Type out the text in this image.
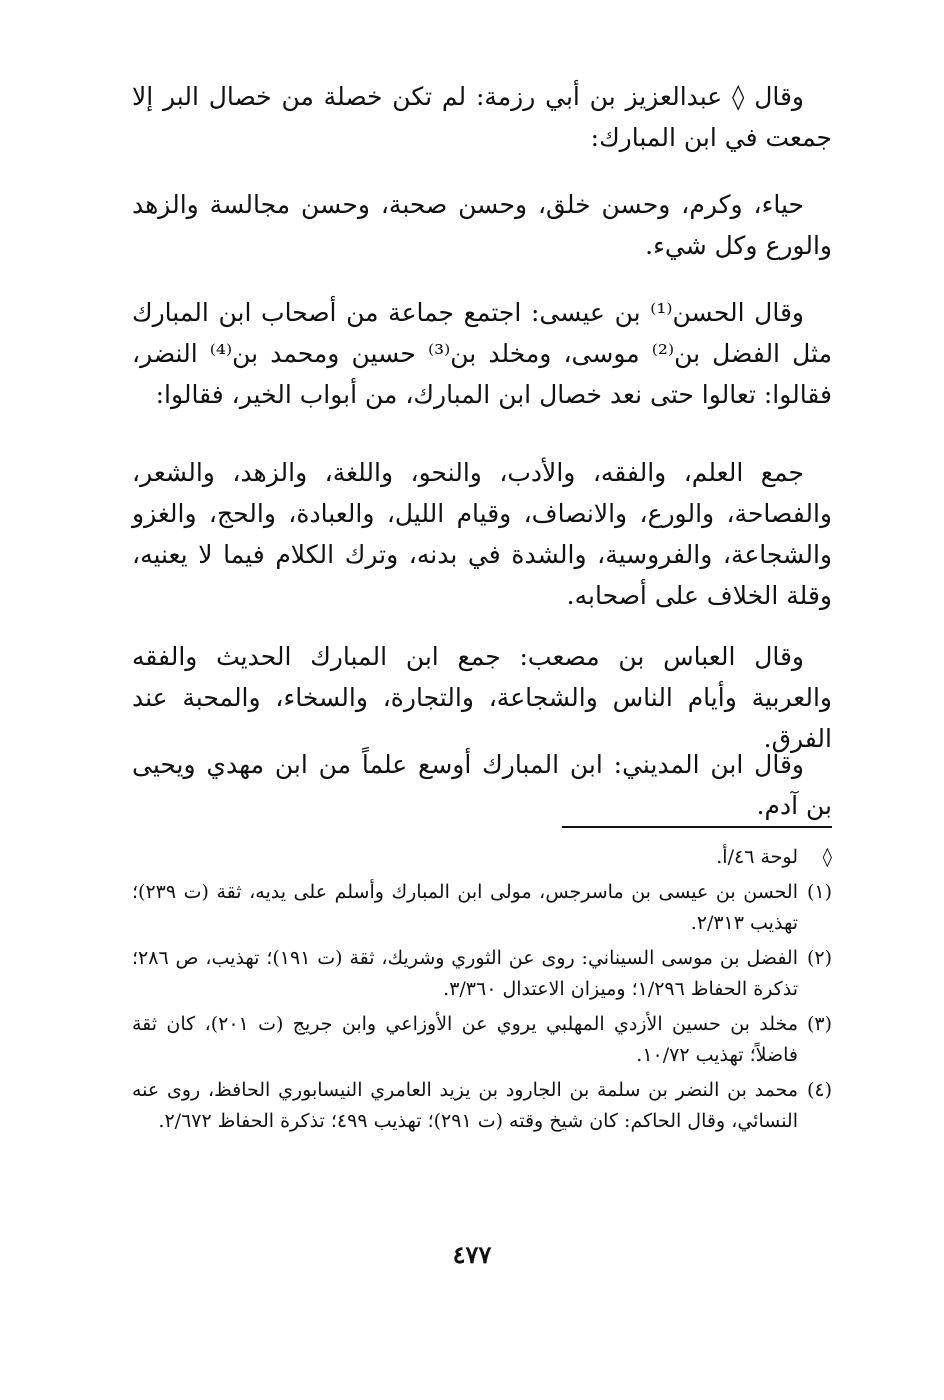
وقال ◊ عبدالعزيز بن أبي رزمة: لم تكن خصلة من خصال البر إلا جمعت في ابن المبارك:

حياء، وكرم، وحسن خلق، وحسن صحبة، وحسن مجالسة والزهد والورع وكل شيء.

وقال الحسن⁽¹⁾ بن عيسى: اجتمع جماعة من أصحاب ابن المبارك مثل الفضل بن⁽²⁾ موسى، ومخلد بن⁽³⁾ حسين ومحمد بن⁽⁴⁾ النضر، فقالوا: تعالوا حتى نعد خصال ابن المبارك، من أبواب الخير، فقالوا:

جمع العلم، والفقه، والأدب، والنحو، واللغة، والزهد، والشعر، والفصاحة، والورع، والانصاف، وقيام الليل، والعبادة، والحج، والغزو والشجاعة، والفروسية، والشدة في بدنه، وترك الكلام فيما لا يعنيه، وقلة الخلاف على أصحابه.

وقال العباس بن مصعب: جمع ابن المبارك الحديث والفقه والعربية وأيام الناس والشجاعة، والتجارة، والسخاء، والمحبة عند الفرق.

وقال ابن المديني: ابن المبارك أوسع علماً من ابن مهدي ويحيى بن آدم.

◊
لوحة ٤٦/أ.
(١)
الحسن بن عيسى بن ماسرجس، مولى ابن المبارك وأسلم على يديه، ثقة (ت ٢٣٩)؛ تهذيب ٢/٣١٣.
(٢)
الفضل بن موسى السيناني: روى عن الثوري وشريك، ثقة (ت ١٩١)؛ تهذيب، ص ٢٨٦؛ تذكرة الحفاظ ١/٢٩٦؛ وميزان الاعتدال ٣/٣٦٠.
(٣)
مخلد بن حسين الأزدي المهلبي يروي عن الأوزاعي وابن جريج (ت ٢٠١)، كان ثقة فاضلاً؛ تهذيب ١٠/٧٢.
(٤)
محمد بن النضر بن سلمة بن الجارود بن يزيد العامري النيسابوري الحافظ، روى عنه النسائي، وقال الحاكم: كان شيخ وقته (ت ٢٩١)؛ تهذيب ٤٩٩؛ تذكرة الحفاظ ٢/٦٧٢.
٤٧٧
